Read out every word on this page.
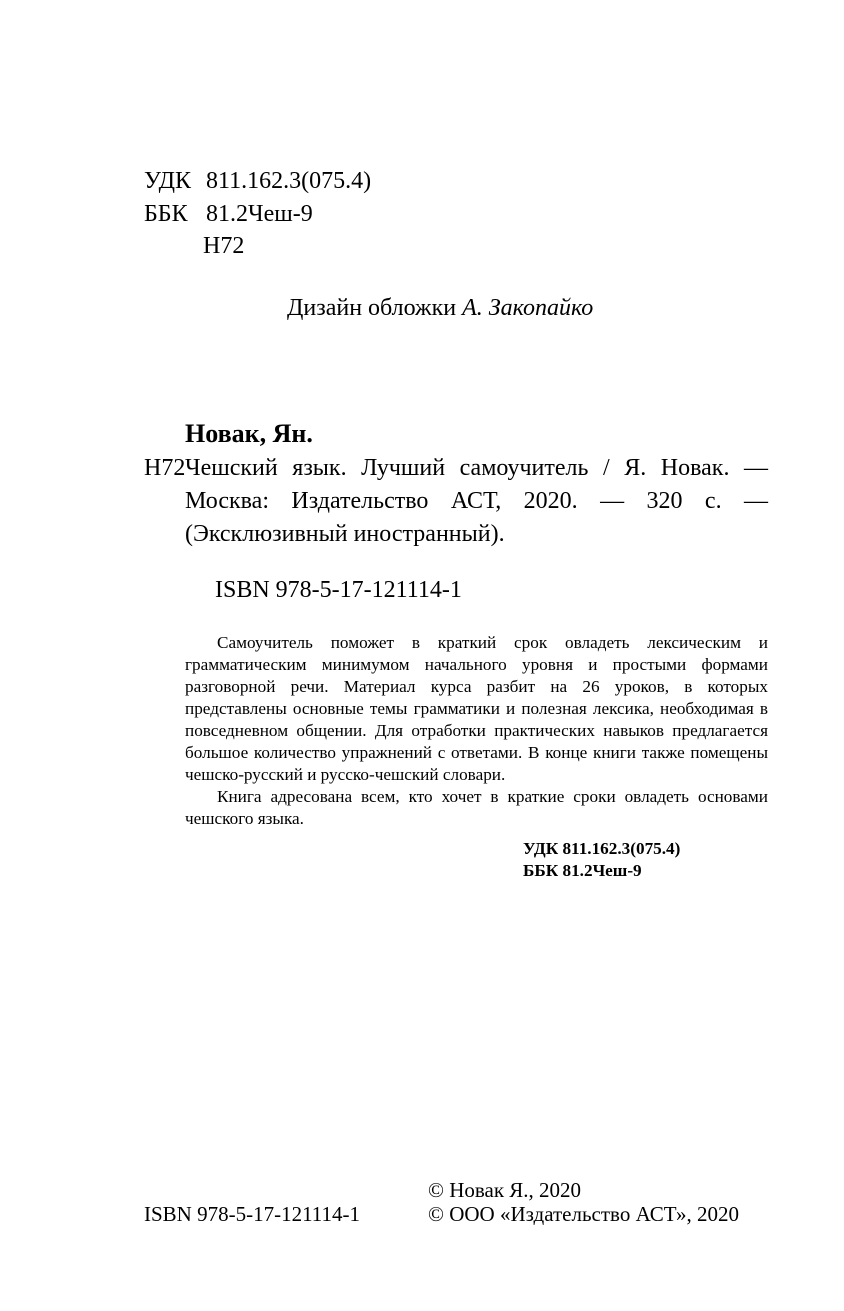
УДК 811.162.3(075.4)
ББК 81.2Чеш-9
Н72
Дизайн обложки А. Закопайко
Новак, Ян.
Н72 Чешский язык. Лучший самоучитель / Я. Новак. —
Москва: Издательство АСТ, 2020. — 320 с. —
(Эксклюзивный иностранный).
ISBN 978-5-17-121114-1

Самоучитель поможет в краткий срок овладеть лексическим и грамматическим минимумом начального уровня и простыми формами разговорной речи. Материал курса разбит на 26 уроков, в которых представлены основные темы грамматики и полезная лексика, необходимая в повседневном общении. Для отработки практических навыков предлагается большое количество упражнений с ответами. В конце книги также помещены чешско-русский и русско-чешский словари.

Книга адресована всем, кто хочет в краткие сроки овладеть основами чешского языка.

УДК 811.162.3(075.4)
ББК 81.2Чеш-9
© Новак Я., 2020
ISBN 978-5-17-121114-1	© ООО «Издательство АСТ», 2020
